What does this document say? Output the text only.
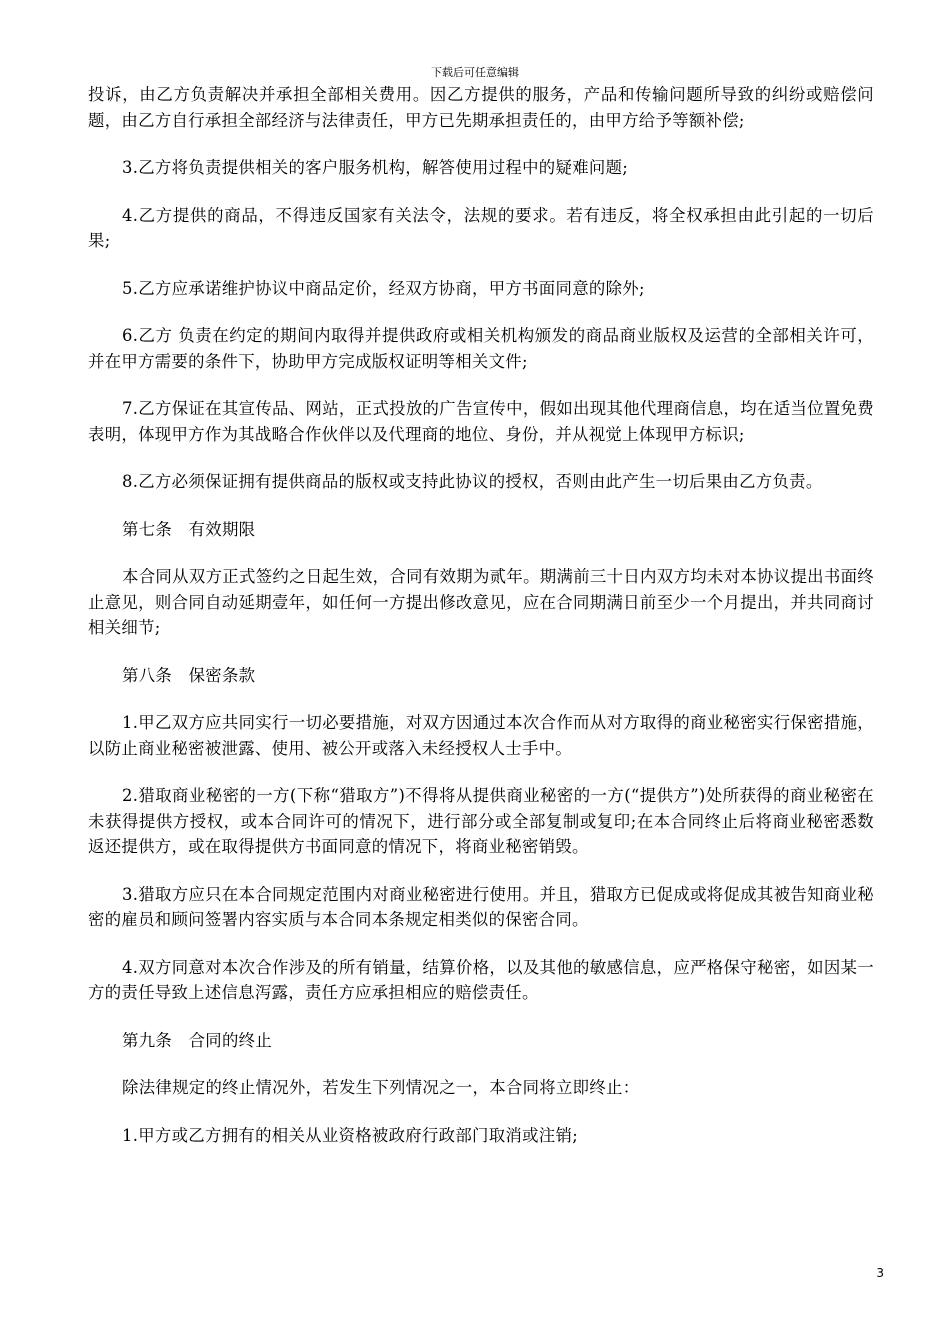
下载后可任意编辑

投诉，由乙方负责解决并承担全部相关费用。因乙方提供的服务，产品和传输问题所导致的纠纷或赔偿问题，由乙方自行承担全部经济与法律责任，甲方已先期承担责任的，由甲方给予等额补偿;

3.乙方将负责提供相关的客户服务机构，解答使用过程中的疑难问题;

4.乙方提供的商品，不得违反国家有关法令，法规的要求。若有违反，将全权承担由此引起的一切后果;

5.乙方应承诺维护协议中商品定价，经双方协商，甲方书面同意的除外;

6.乙方 负责在约定的期间内取得并提供政府或相关机构颁发的商品商业版权及运营的全部相关许可，并在甲方需要的条件下，协助甲方完成版权证明等相关文件;

7.乙方保证在其宣传品、网站，正式投放的广告宣传中，假如出现其他代理商信息，均在适当位置免费表明，体现甲方作为其战略合作伙伴以及代理商的地位、身份，并从视觉上体现甲方标识;

8.乙方必须保证拥有提供商品的版权或支持此协议的授权，否则由此产生一切后果由乙方负责。

第七条   有效期限

本合同从双方正式签约之日起生效，合同有效期为贰年。期满前三十日内双方均未对本协议提出书面终止意见，则合同自动延期壹年，如任何一方提出修改意见，应在合同期满日前至少一个月提出，并共同商讨相关细节;

第八条   保密条款

1.甲乙双方应共同实行一切必要措施，对双方因通过本次合作而从对方取得的商业秘密实行保密措施，以防止商业秘密被泄露、使用、被公开或落入未经授权人士手中。

2.猎取商业秘密的一方(下称“猎取方”)不得将从提供商业秘密的一方(“提供方”)处所获得的商业秘密在未获得提供方授权，或本合同许可的情况下，进行部分或全部复制或复印;在本合同终止后将商业秘密悉数返还提供方，或在取得提供方书面同意的情况下，将商业秘密销毁。

3.猎取方应只在本合同规定范围内对商业秘密进行使用。并且，猎取方已促成或将促成其被告知商业秘密的雇员和顾问签署内容实质与本合同本条规定相类似的保密合同。

4.双方同意对本次合作涉及的所有销量，结算价格，以及其他的敏感信息，应严格保守秘密，如因某一方的责任导致上述信息泻露，责任方应承担相应的赔偿责任。

第九条   合同的终止

除法律规定的终止情况外，若发生下列情况之一，本合同将立即终止：

1.甲方或乙方拥有的相关从业资格被政府行政部门取消或注销;

3
